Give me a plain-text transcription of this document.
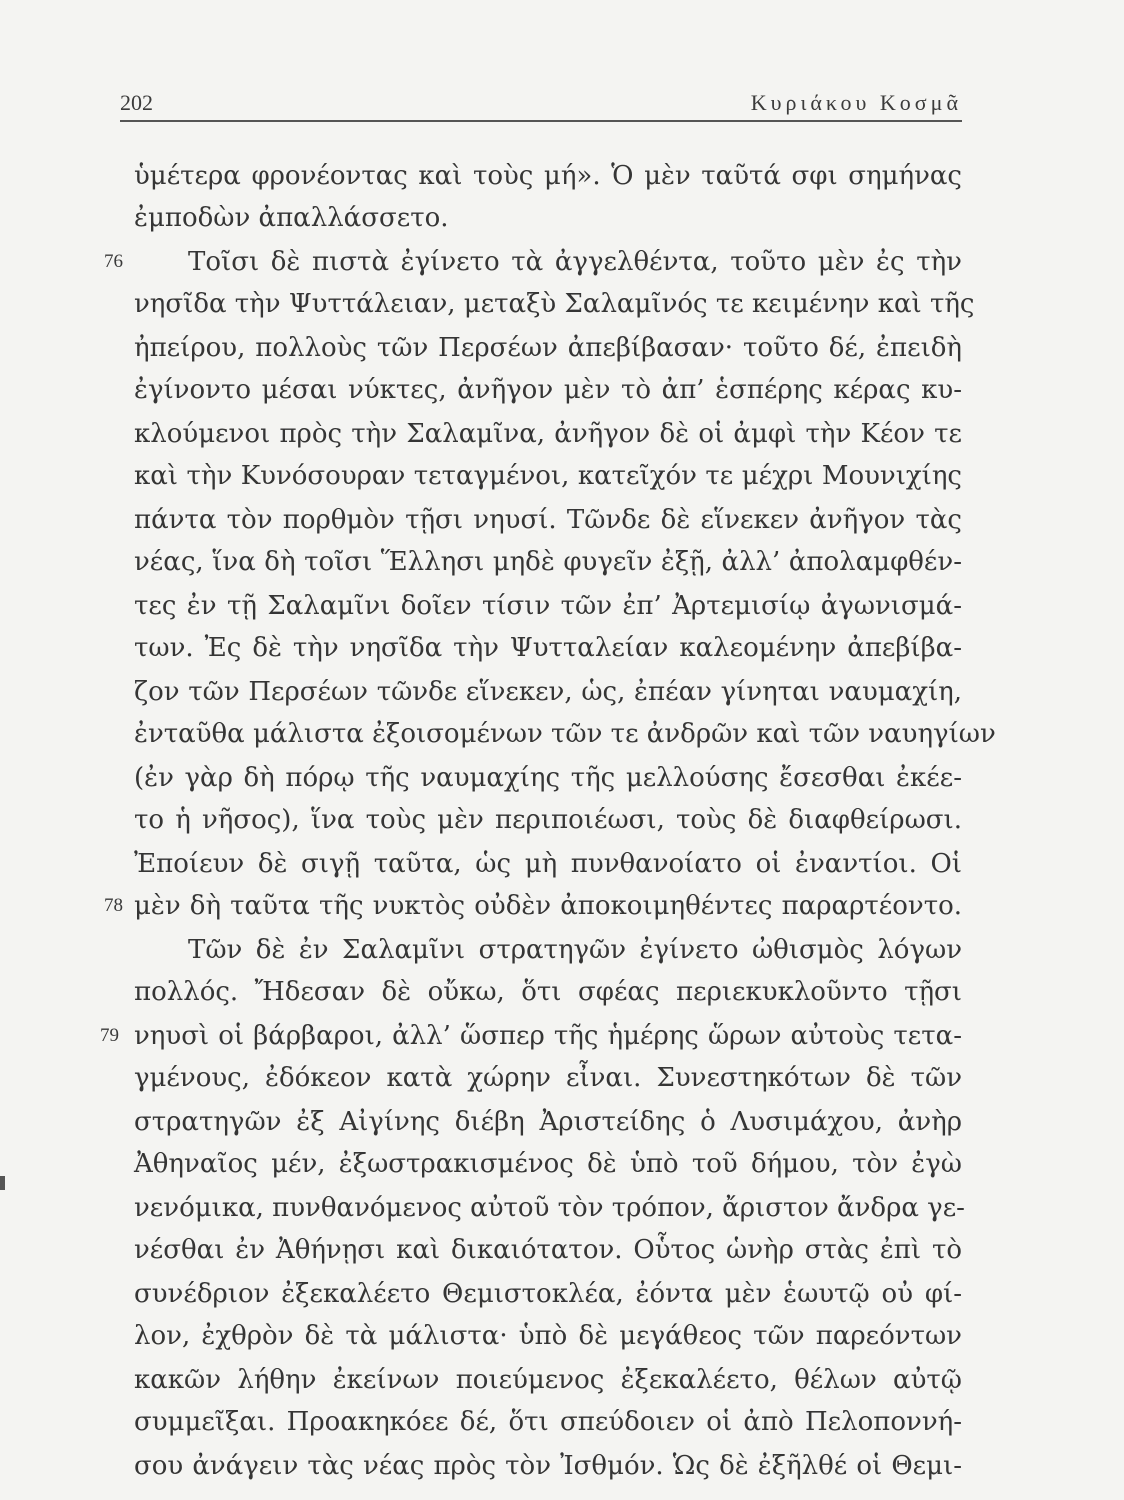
202	Κυριάκου Κοσμᾶ
76
78
79
ὑμέτερα φρονέοντας καὶ τοὺς μή». Ὁ μὲν ταῦτά σφι σημήνας
ἐμποδὼν ἀπαλλάσσετο.
Τοῖσι δὲ πιστὰ ἐγίνετο τὰ ἀγγελθέντα, τοῦτο μὲν ἐς τὴν
νησῖδα τὴν Ψυττάλειαν, μεταξὺ Σαλαμῖνός τε κειμένην καὶ τῆς
ἠπείρου, πολλοὺς τῶν Περσέων ἀπεβίβασαν· τοῦτο δέ, ἐπειδὴ
ἐγίνοντο μέσαι νύκτες, ἀνῆγον μὲν τὸ ἀπ’ ἑσπέρης κέρας κυ-
κλούμενοι πρὸς τὴν Σαλαμῖνα, ἀνῆγον δὲ οἱ ἀμφὶ τὴν Κέον τε
καὶ τὴν Κυνόσουραν τεταγμένοι, κατεῖχόν τε μέχρι Μουνιχίης
πάντα τὸν πορθμὸν τῇσι νηυσί. Τῶνδε δὲ εἵνεκεν ἀνῆγον τὰς
νέας, ἵνα δὴ τοῖσι Ἕλλησι μηδὲ φυγεῖν ἐξῇ, ἀλλ’ ἀπολαμφθέν-
τες ἐν τῇ Σαλαμῖνι δοῖεν τίσιν τῶν ἐπ’ Ἀρτεμισίῳ ἀγωνισμά-
των. Ἐς δὲ τὴν νησῖδα τὴν Ψυτταλείαν καλεομένην ἀπεβίβα-
ζον τῶν Περσέων τῶνδε εἵνεκεν, ὡς, ἐπέαν γίνηται ναυμαχίη,
ἐνταῦθα μάλιστα ἐξοισομένων τῶν τε ἀνδρῶν καὶ τῶν ναυηγίων
(ἐν γὰρ δὴ πόρῳ τῆς ναυμαχίης τῆς μελλούσης ἔσεσθαι ἐκέε-
το ἡ νῆσος), ἵνα τοὺς μὲν περιποιέωσι, τοὺς δὲ διαφθείρωσι.
Ἐποίευν δὲ σιγῇ ταῦτα, ὡς μὴ πυνθανοίατο οἱ ἐναντίοι. Οἱ
μὲν δὴ ταῦτα τῆς νυκτὸς οὐδὲν ἀποκοιμηθέντες παραρτέοντο.
Τῶν δὲ ἐν Σαλαμῖνι στρατηγῶν ἐγίνετο ὠθισμὸς λόγων
πολλός. Ἤδεσαν δὲ οὔκω, ὅτι σφέας περιεκυκλοῦντο τῇσι
νηυσὶ οἱ βάρβαροι, ἀλλ’ ὥσπερ τῆς ἡμέρης ὥρων αὐτοὺς τετα-
γμένους, ἐδόκεον κατὰ χώρην εἶναι. Συνεστηκότων δὲ τῶν
στρατηγῶν ἐξ Αἰγίνης διέβη Ἀριστείδης ὁ Λυσιμάχου, ἀνὴρ
Ἀθηναῖος μέν, ἐξωστρακισμένος δὲ ὑπὸ τοῦ δήμου, τὸν ἐγὼ
νενόμικα, πυνθανόμενος αὐτοῦ τὸν τρόπον, ἄριστον ἄνδρα γε-
νέσθαι ἐν Ἀθήνῃσι καὶ δικαιότατον. Οὗτος ὡνὴρ στὰς ἐπὶ τὸ
συνέδριον ἐξεκαλέετο Θεμιστοκλέα, ἐόντα μὲν ἑωυτῷ οὐ φί-
λον, ἐχθρὸν δὲ τὰ μάλιστα· ὑπὸ δὲ μεγάθεος τῶν παρεόντων
κακῶν λήθην ἐκείνων ποιεύμενος ἐξεκαλέετο, θέλων αὐτῷ
συμμεῖξαι. Προακηκόεε δέ, ὅτι σπεύδοιεν οἱ ἀπὸ Πελοποννή-
σου ἀνάγειν τὰς νέας πρὸς τὸν Ἰσθμόν. Ὡς δὲ ἐξῆλθέ οἱ Θεμι-
